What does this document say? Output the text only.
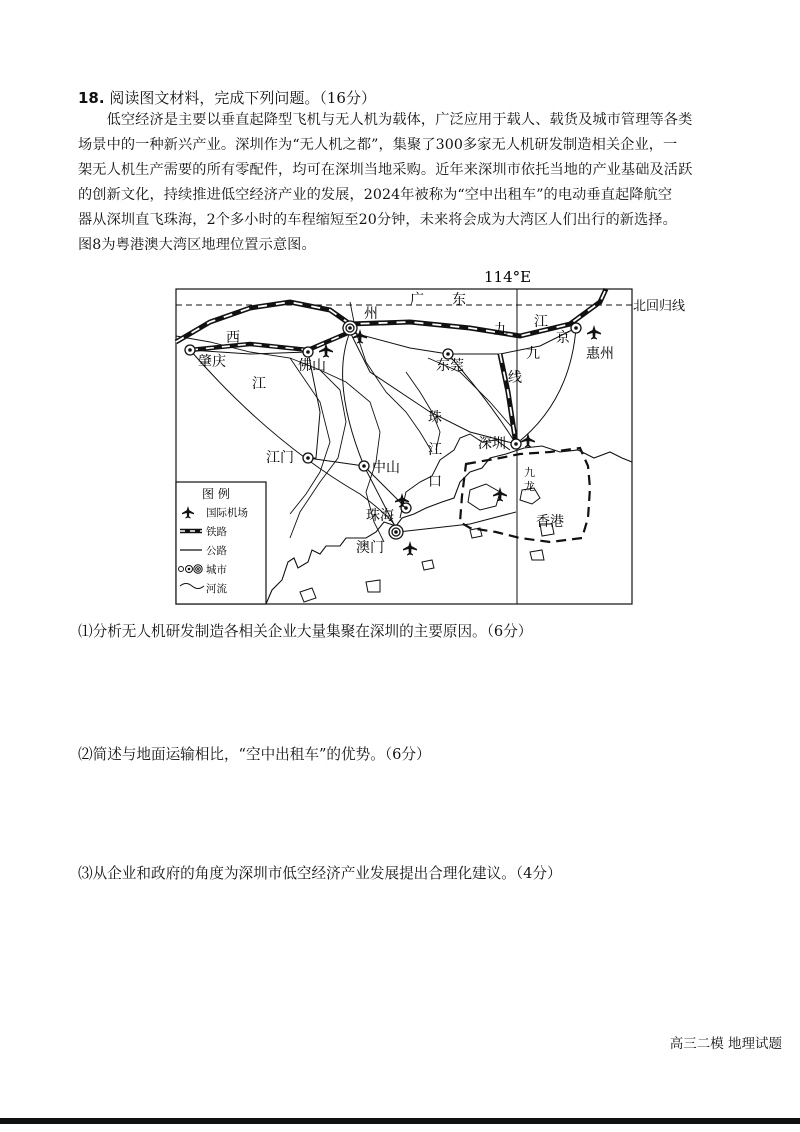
18. 阅读图文材料，完成下列问题。（16分）
　　低空经济是主要以垂直起降型飞机与无人机为载体，广泛应用于载人、载货及城市管理等各类
场景中的一种新兴产业。深圳作为“无人机之都”，集聚了300多家无人机研发制造相关企业，一
架无人机生产需要的所有零配件，均可在深圳当地采购。近年来深圳市依托当地的产业基础及活跃
的创新文化，持续推进低空经济产业的发展，2024年被称为“空中出租车”的电动垂直起降航空
器从深圳直飞珠海，2个多小时的车程缩短至20分钟，未来将会成为大湾区人们出行的新选择。
图8为粤港澳大湾区地理位置示意图。
114°E
北回归线
广 东
西
江
珠
江
口
九
龙
京
九
线
九 江
州
肇庆	佛山	东莞
惠州
深圳
江门
中山
珠海
澳门
香港
图 例
国际机场
铁路
公路
城市
河流
⑴分析无人机研发制造各相关企业大量集聚在深圳的主要原因。（6分）
⑵简述与地面运输相比，“空中出租车”的优势。（6分）
⑶从企业和政府的角度为深圳市低空经济产业发展提出合理化建议。（4分）
高三二模 地理试题
